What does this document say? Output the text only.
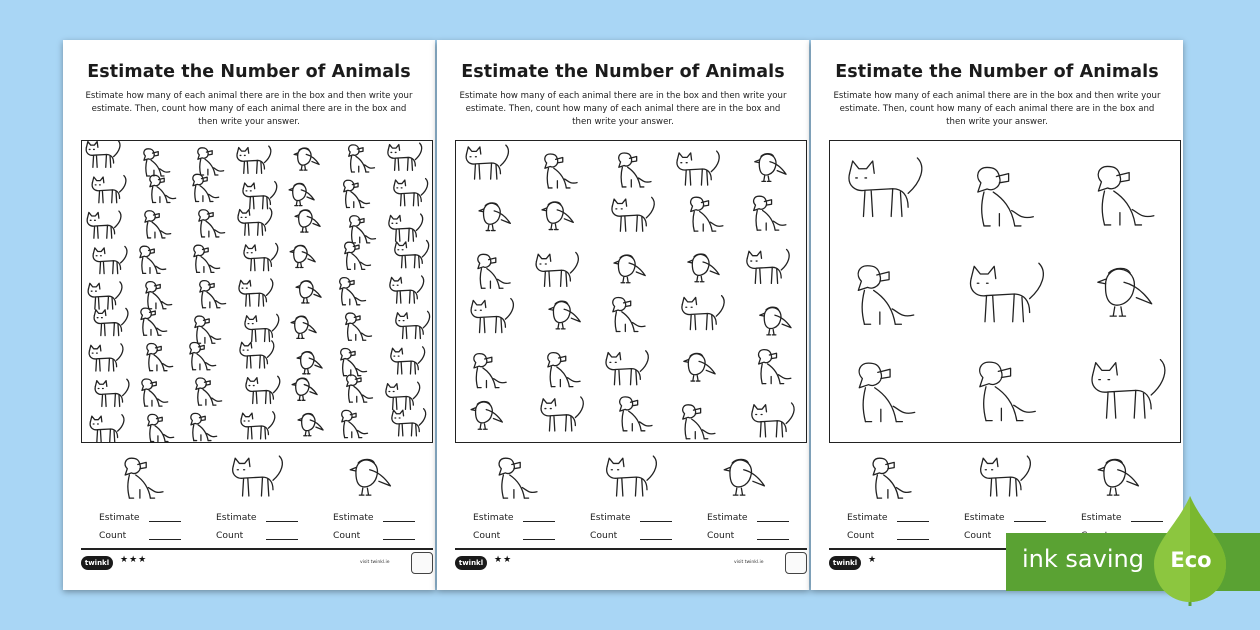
Estimate the Number of Animals
Estimate how many of each animal there are in the box and then write your estimate. Then, count how many of each animal there are in the box and then write your answer.
Estimate
Count
Estimate
Count
Estimate
Count
twinkl	★★★	visit twinkl.ie
Estimate the Number of Animals
Estimate how many of each animal there are in the box and then write your estimate. Then, count how many of each animal there are in the box and then write your answer.
Estimate
Count
Estimate
Count
Estimate
Count
twinkl	★★	visit twinkl.ie
Estimate the Number of Animals
Estimate how many of each animal there are in the box and then write your estimate. Then, count how many of each animal there are in the box and then write your answer.
Estimate
Count
Estimate
Count
Estimate
twinkl	★	ink saving Eco
